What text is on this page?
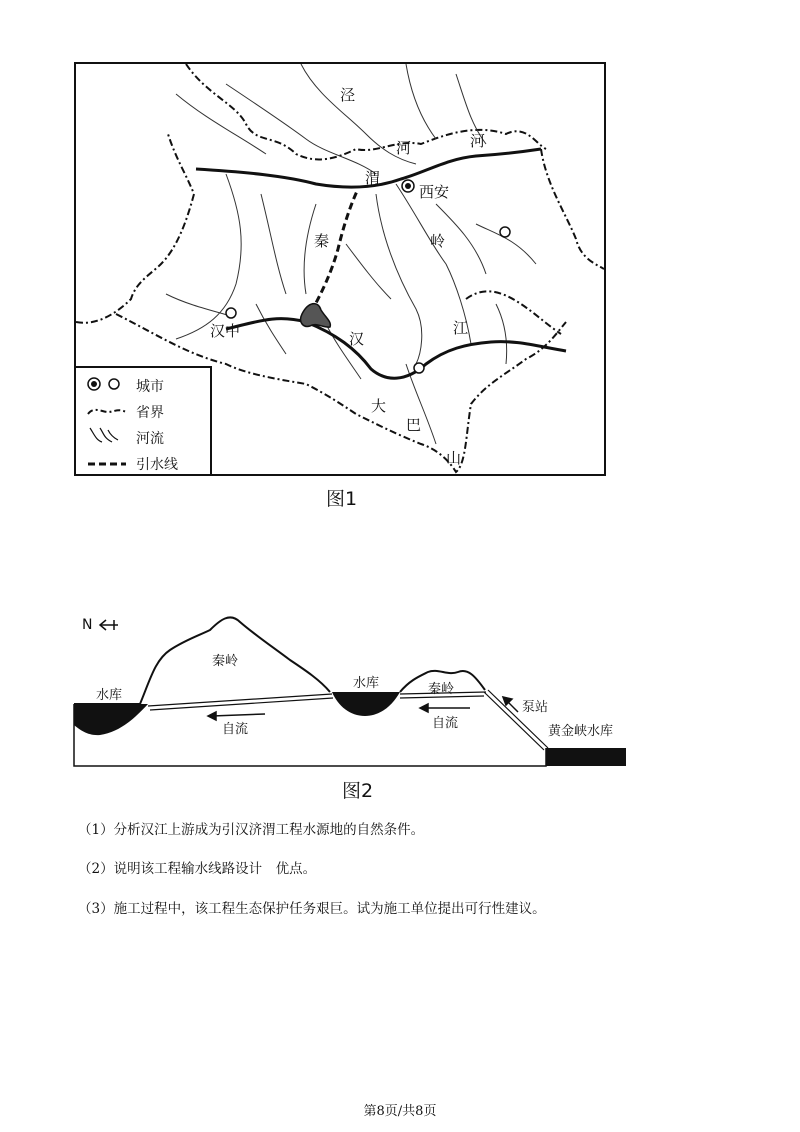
泾
河	河
渭
西安
秦	岭
汉中	汉
江
大
巴
山
城市
省界
河流
引水线
图1
N
秦岭
秦岭
水库
水库
自流	自流
泵站
黄金峡水库
图2
（1）分析汉江上游成为引汉济渭工程水源地的自然条件。
（2）说明该工程输水线路设计　优点。
（3）施工过程中，该工程生态保护任务艰巨。试为施工单位提出可行性建议。
第8页/共8页
